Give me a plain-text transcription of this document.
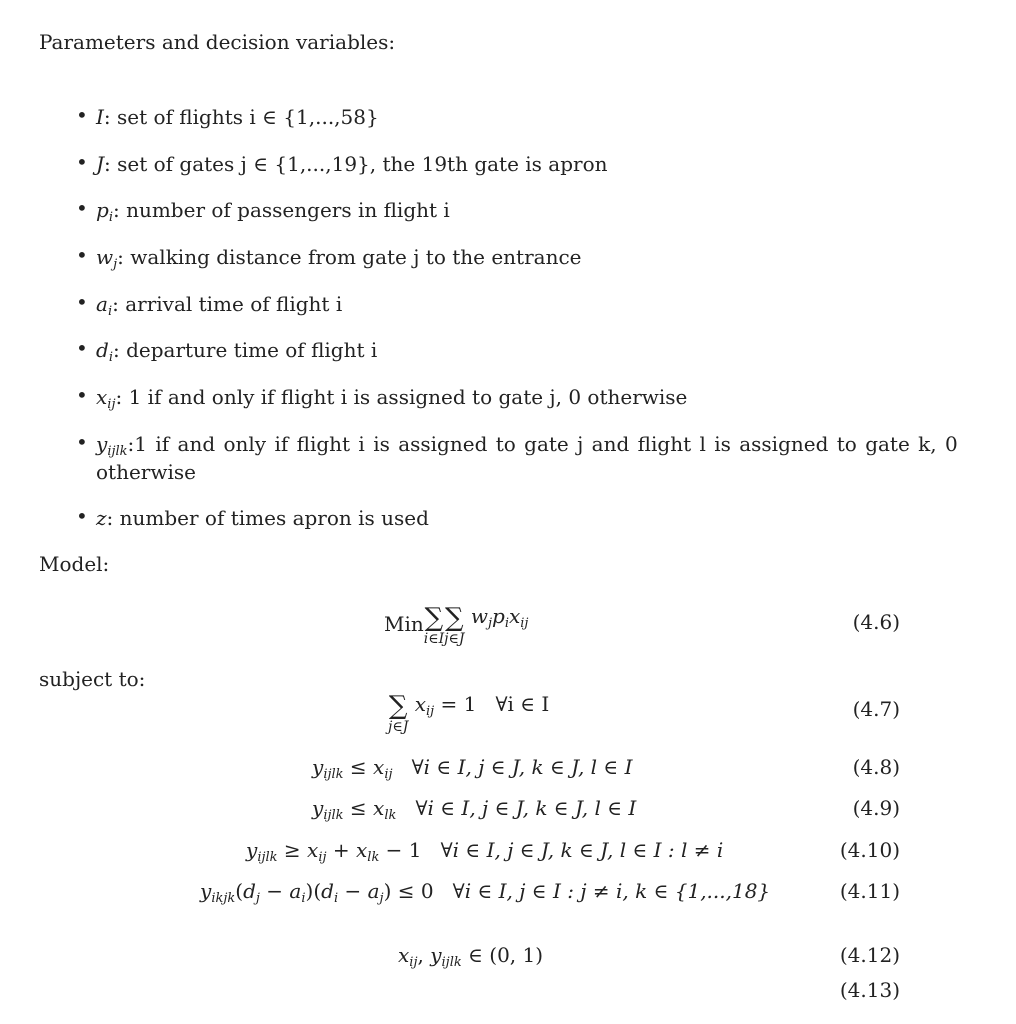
Parameters and decision variables:
• I: set of flights i ∈ {1,...,58}
• J: set of gates j ∈ {1,...,19}, the 19th gate is apron
• $p_i$: number of passengers in flight i
• $w_j$: walking distance from gate j to the entrance
• $a_i$: arrival time of flight i
• $d_i$: departure time of flight i
• $x_{ij}$: 1 if and only if flight i is assigned to gate j, 0 otherwise
• $y_{ijlk}:1$ if and only if flight i is assigned to gate j and flight l is assigned to gate k, 0
otherwise
• z: number of times apron is used
Model:
Min ∑
i∈I
∑
j∈J
$w_jp_ix_{ij}$	(4.6)
subject to:
∑
j∈J
$x_{ij} = 1$   ∀i ∈ I	(4.7)
$y_{ijlk} \le x_{ij}$ ∀i ∈ I, j ∈ J, k ∈ J, l ∈ I	(4.8)
$y_{ijlk} \le x_{lk}$ ∀i ∈ I, j ∈ J, k ∈ J, l ∈ I	(4.9)
$y_{ijlk} \ge x_{ij} + x_{lk} - 1$   ∀i ∈ I, j ∈ J, k ∈ J, l ∈ I : l ≠ i	(4.10)
$y_{ikjk}(d_j - a_i)(d_i - a_j) \le 0$   ∀i ∈ I, j ∈ I : j ≠ i, k ∈ {1,...,18}	(4.11)
$x_{ij}$, $y_{ijlk}$ ∈ (0, 1)	(4.12)
(4.13)
